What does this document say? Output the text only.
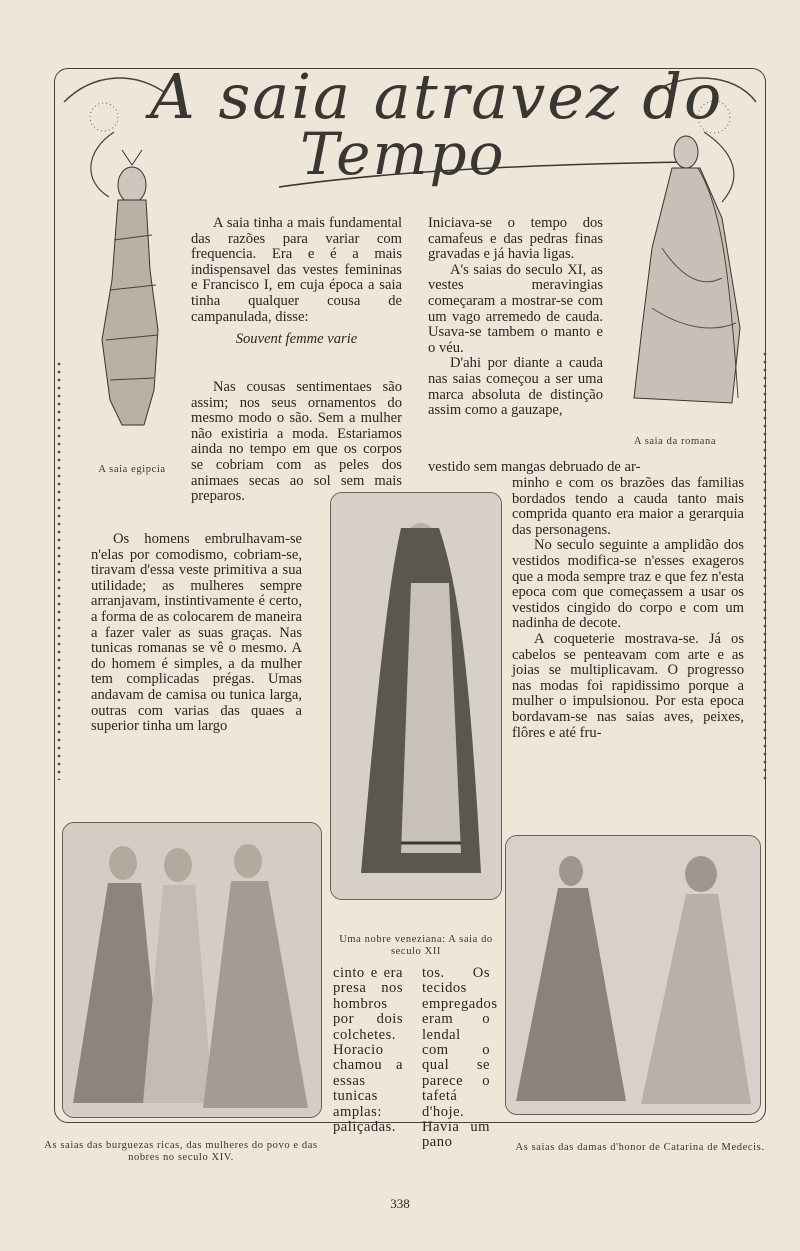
A saia atravez do
Tempo

A saia tinha a mais fundamental das razões para variar com frequencia. Era e é a mais indispensavel das vestes femininas e Francisco I, em cuja época a saia tinha qualquer cousa de campanulada, disse:

Souvent femme varie

Nas cousas sentimentaes são assim; nos seus ornamentos do mesmo modo o são. Sem a mulher não existiria a moda. Estariamos ainda no tempo em que os corpos se cobriam com as peles dos animaes secas ao sol sem mais preparos.

Os homens embrulhavam-se n'elas por comodismo, cobriam-se, tiravam d'essa veste primitiva a sua utilidade; as mulheres sempre arranjavam, instintivamente é certo, a forma de as colocarem de maneira a fazer valer as suas graças. Nas tunicas romanas se vê o mesmo. A do homem é simples, a da mulher tem complicadas prégas. Umas andavam de camisa ou tunica larga, outras com varias das quaes a superior tinha um largo

Iniciava-se o tempo dos camafeus e das pedras finas gravadas e já havia ligas.

A's saias do seculo XI, as vestes meravingias começaram a mostrar-se com um vago arremedo de cauda. Usava-se tambem o manto e o véu.

D'ahi por diante a cauda nas saias começou a ser uma marca absoluta de distinção assim como a gauzape,

vestido sem mangas debruado de ar-

minho e com os brazões das familias bordados tendo a cauda tanto mais comprida quanto era maior a gerarquia das personagens.

No seculo seguinte a amplidão dos vestidos modifica-se n'esses exageros que a moda sempre traz e que fez n'esta epoca com que começassem a usar os vestidos cingido do corpo e com um nadinha de decote.

A coqueterie mostrava-se. Já os cabelos se penteavam com arte e as joias se multiplicavam. O progresso nas modas foi rapidissimo porque a mulher o impulsionou. Por esta epoca bordavam-se nas saias aves, peixes, flôres e até fru-

A saia egipcia
A saia da romana
Uma nobre veneziana: A saia do seculo XII
As saias das burguezas ricas, das mulheres do povo e das nobres no seculo XIV.
As saias das damas d'honor de Catarina de Medecis.
cinto e era presa nos hombros por dois colchetes. Horacio chamou a essas tunicas amplas: paliçadas.
tos. Os tecidos empregados eram o lendal com o qual se parece o tafetá d'hoje. Havia um pano
338
